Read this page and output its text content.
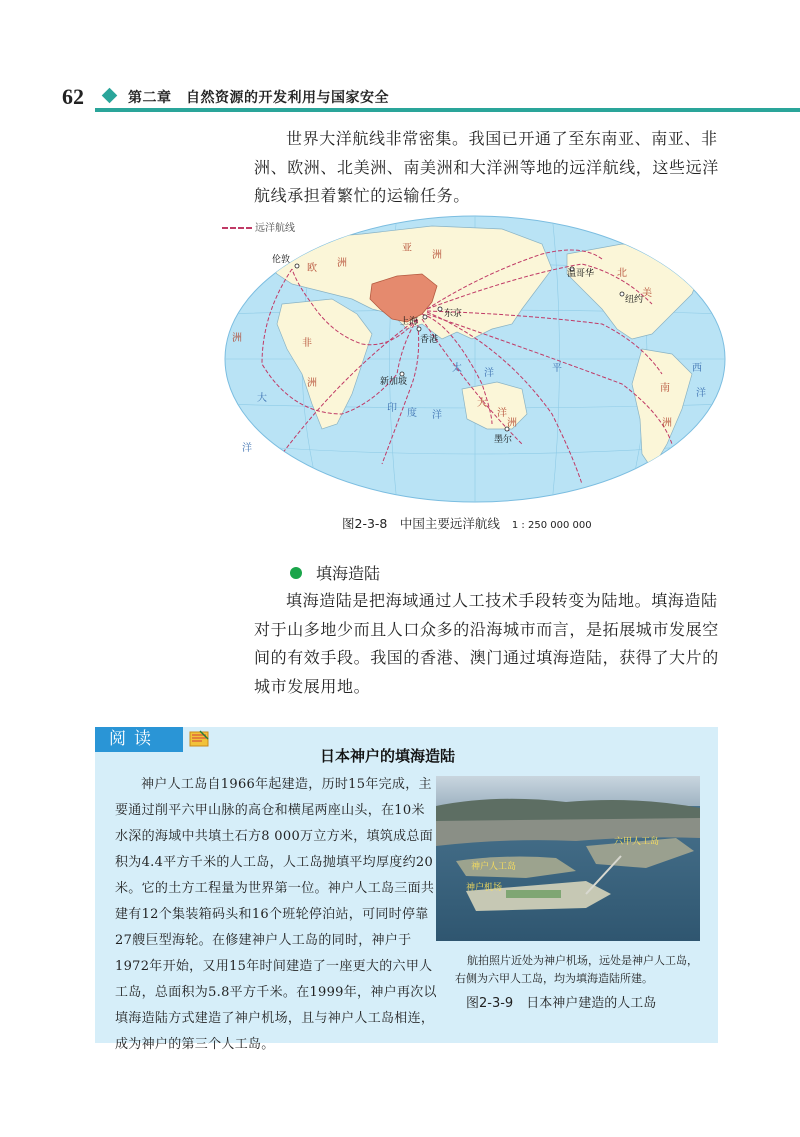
62	第二章　自然资源的开发利用与国家安全
世界大洋航线非常密集。我国已开通了至东南亚、南亚、非洲、欧洲、北美洲、南美洲和大洋洲等地的远洋航线，这些远洋航线承担着繁忙的运输任务。
远洋航线
伦敦
上海
东京
香港
新加坡
温哥华
纽约
墨尔
太 洋	平
印 度 洋
大
西
洋
洋
欧 洲
亚
洲
非
洲
北
美
南
洲
洲
大
洋
洲
图2-3-8　中国主要远洋航线 1 : 250 000 000
填海造陆
填海造陆是把海域通过人工技术手段转变为陆地。填海造陆对于山多地少而且人口众多的沿海城市而言，是拓展城市发展空间的有效手段。我国的香港、澳门通过填海造陆，获得了大片的城市发展用地。
阅读
日本神户的填海造陆
神户人工岛自1966年起建造，历时15年完成，主要通过削平六甲山脉的高仓和横尾两座山头，在10米水深的海域中共填土石方8 000万立方米，填筑成总面积为4.4平方千米的人工岛，人工岛抛填平均厚度约20米。它的土方工程量为世界第一位。神户人工岛三面共建有12个集装箱码头和16个班轮停泊站，可同时停靠27艘巨型海轮。在修建神户人工岛的同时，神户于1972年开始，又用15年时间建造了一座更大的六甲人工岛，总面积为5.8平方千米。在1999年，神户再次以填海造陆方式建造了神户机场，且与神户人工岛相连，成为神户的第三个人工岛。
六甲人工岛
神户人工岛
神户机场
航拍照片近处为神户机场，远处是神户人工岛，右侧为六甲人工岛，均为填海造陆所建。
图2-3-9　日本神户建造的人工岛
